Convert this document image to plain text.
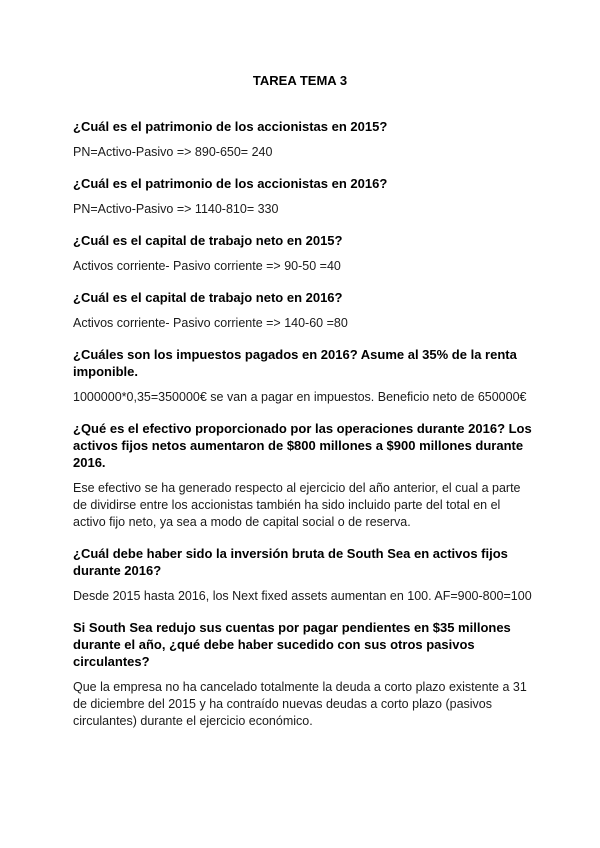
TAREA TEMA 3

¿Cuál es el patrimonio de los accionistas en 2015?

PN=Activo-Pasivo => 890-650= 240

¿Cuál es el patrimonio de los accionistas en 2016?

PN=Activo-Pasivo => 1140-810= 330

¿Cuál es el capital de trabajo neto en 2015?

Activos corriente- Pasivo corriente => 90-50 =40

¿Cuál es el capital de trabajo neto en 2016?

Activos corriente- Pasivo corriente => 140-60 =80

¿Cuáles son los impuestos pagados en 2016? Asume al 35% de la renta imponible.

1000000*0,35=350000€ se van a pagar en impuestos. Beneficio neto de 650000€

¿Qué es el efectivo proporcionado por las operaciones durante 2016? Los activos fijos netos aumentaron de $800 millones a $900 millones durante 2016.

Ese efectivo se ha generado respecto al ejercicio del año anterior, el cual a parte de dividirse entre los accionistas también ha sido incluido parte del total en el activo fijo neto, ya sea a modo de capital social o de reserva.

¿Cuál debe haber sido la inversión bruta de South Sea en activos fijos durante 2016?

Desde 2015 hasta 2016, los Next fixed assets aumentan en 100. AF=900-800=100

Si South Sea redujo sus cuentas por pagar pendientes en $35 millones durante el año, ¿qué debe haber sucedido con sus otros pasivos circulantes?

Que la empresa no ha cancelado totalmente la deuda a corto plazo existente a 31 de diciembre del 2015 y ha contraído nuevas deudas a corto plazo (pasivos circulantes) durante el ejercicio económico.
